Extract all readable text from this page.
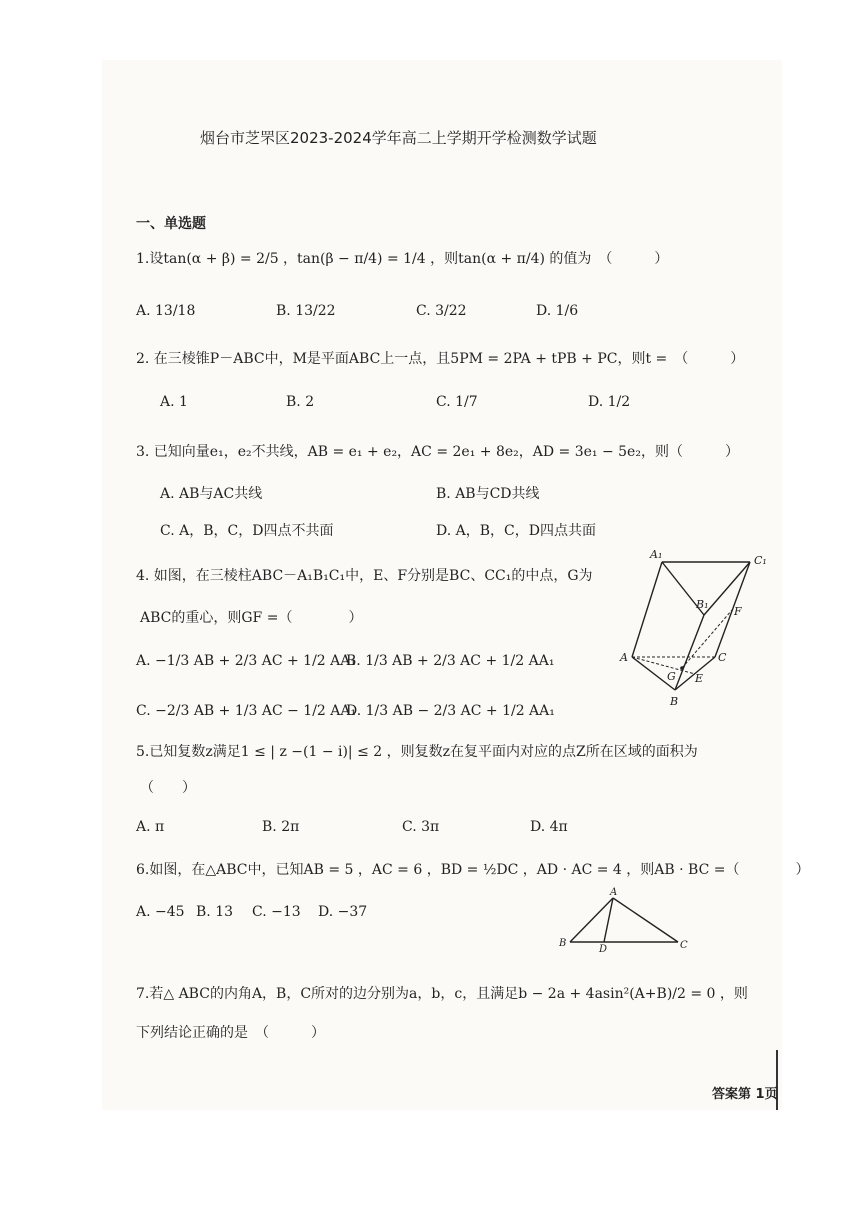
烟台市芝罘区2023-2024学年高二上学期开学检测数学试题
一、单选题
1.设tan(α + β) = 2/5 ，tan(β − π/4) = 1/4 ，则tan(α + π/4) 的值为　（　　　）
A. 13/18	B. 13/22	C. 3/22	D. 1/6
2. 在三棱锥P－ABC中，M是平面ABC上一点，且5PM = 2PA + tPB + PC，则t =　（　　　）
A. 1	B. 2	C. 1/7	D. 1/2
3. 已知向量e₁，e₂不共线，AB = e₁ + e₂，AC = 2e₁ + 8e₂，AD = 3e₁ − 5e₂，则（　　　）
A. AB与AC共线	B. AB与CD共线
C. A，B，C，D四点不共面	D. A，B，C，D四点共面
4. 如图，在三棱柱ABC－A₁B₁C₁中，E、F分别是BC、CC₁的中点，G为
ABC的重心，则GF =（　　　　）
A. −1/3 AB + 2/3 AC + 1/2 AA₁
B. 1/3 AB + 2/3 AC + 1/2 AA₁
C. −2/3 AB + 1/3 AC − 1/2 AA₁
D. 1/3 AB − 2/3 AC + 1/2 AA₁
A₁	C₁
B₁
F
A	C
G E
B
5.已知复数z满足1 ≤ | z −(1 − i)| ≤ 2 ，则复数z在复平面内对应的点Z所在区域的面积为
（　　）
A. π	B. 2π	C. 3π	D. 4π
6.如图，在△ABC中，已知AB = 5 ，AC = 6 ，BD = ½DC ，AD · AC = 4 ，则AB · BC =（　　　　）
A. −45 B. 13 C. −13 D. −37
A
B
D	C
7.若△ ABC的内角A，B，C所对的边分别为a，b，c，且满足b − 2a + 4asin²(A+B)/2 = 0 ，则
下列结论正确的是　（　　　）
答案第 1页
